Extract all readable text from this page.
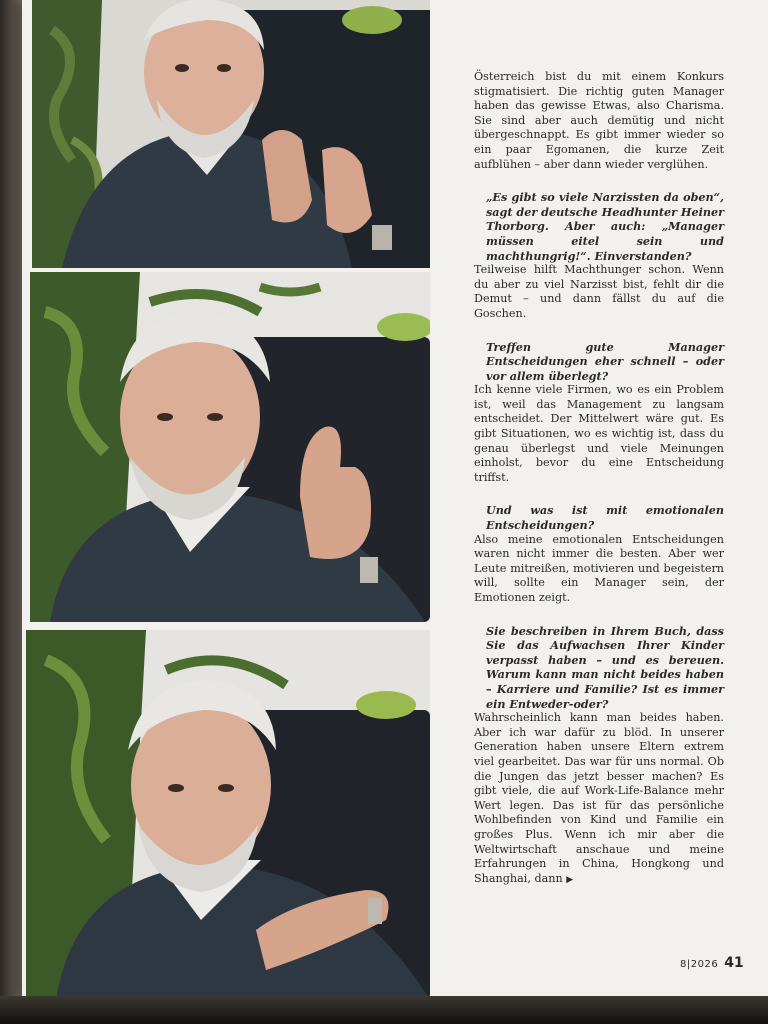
Österreich bist du mit einem Konkurs stigmatisiert. Die richtig guten Manager haben das gewisse Etwas, also Charisma. Sie sind aber auch demütig und nicht übergeschnappt. Es gibt immer wieder so ein paar Egomanen, die kurze Zeit aufblühen – aber dann wieder verglühen.

„Es gibt so viele Narzissten da oben“, sagt der deutsche Headhunter Heiner Thorborg. Aber auch: „Manager müssen eitel sein und machthungrig!“. Einverstanden?

Teilweise hilft Machthunger schon. Wenn du aber zu viel Narzisst bist, fehlt dir die Demut – und dann fällst du auf die Goschen.

Treffen gute Manager Entscheidungen eher schnell – oder vor allem überlegt?

Ich kenne viele Firmen, wo es ein Problem ist, weil das Management zu langsam entscheidet. Der Mittelwert wäre gut. Es gibt Situationen, wo es wichtig ist, dass du genau überlegst und viele Meinungen einholst, bevor du eine Entscheidung triffst.

Und was ist mit emotionalen Entscheidungen?

Also meine emotionalen Entscheidungen waren nicht immer die besten. Aber wer Leute mitreißen, motivieren und begeistern will, sollte ein Manager sein, der Emotionen zeigt.

Sie beschreiben in Ihrem Buch, dass Sie das Aufwachsen Ihrer Kinder verpasst haben – und es bereuen. Warum kann man nicht beides haben – Karriere und Familie? Ist es immer ein Entweder-oder?

Wahrscheinlich kann man beides haben. Aber ich war dafür zu blöd. In unserer Generation haben unsere Eltern extrem viel gearbeitet. Das war für uns normal. Ob die Jungen das jetzt besser machen? Es gibt viele, die auf Work-Life-Balance mehr Wert legen. Das ist für das persönliche Wohlbefinden von Kind und Familie ein großes Plus. Wenn ich mir aber die Weltwirtschaft anschaue und meine Erfahrungen in China, Hongkong und Shanghai, dann ▶

8|2026 41
